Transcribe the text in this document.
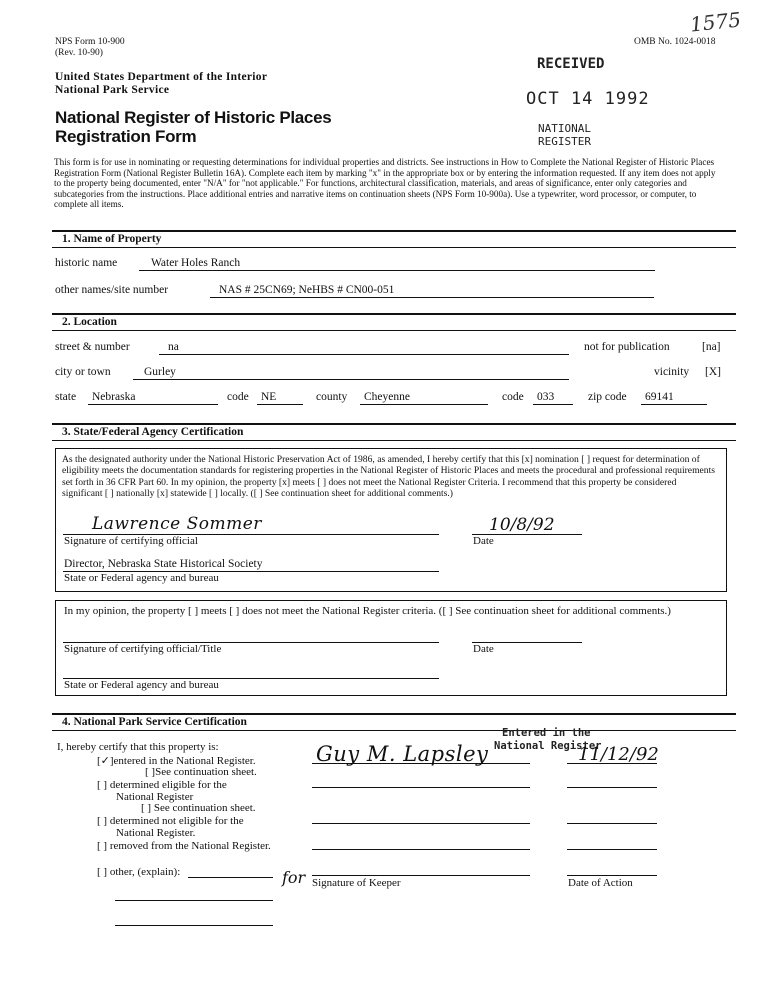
NPS Form 10-900
(Rev. 10-90)
OMB No. 1024-0018
1575
United States Department of the Interior
National Park Service
National Register of Historic Places
Registration Form
RECEIVED
OCT 14 1992
NATIONAL
REGISTER
This form is for use in nominating or requesting determinations for individual properties and districts. See instructions in How to Complete the National Register of Historic Places Registration Form (National Register Bulletin 16A). Complete each item by marking "x" in the appropriate box or by entering the information requested. If any item does not apply to the property being documented, enter "N/A" for "not applicable." For functions, architectural classification, materials, and areas of significance, enter only categories and subcategories from the instructions. Place additional entries and narrative items on continuation sheets (NPS Form 10-900a). Use a typewriter, word processor, or computer, to complete all items.
1. Name of Property
historic name	Water Holes Ranch
other names/site number	NAS # 25CN69; NeHBS # CN00-051
2. Location
street & number	na	not for publication	[na]
city or town	Gurley	vicinity [X]
state Nebraska	code NE	county Cheyenne	code 033	zip code 69141
3. State/Federal Agency Certification
As the designated authority under the National Historic Preservation Act of 1986, as amended, I hereby certify that this [x] nomination [ ] request for determination of eligibility meets the documentation standards for registering properties in the National Register of Historic Places and meets the procedural and professional requirements set forth in 36 CFR Part 60. In my opinion, the property [x] meets [ ] does not meet the National Register Criteria. I recommend that this property be considered significant [ ] nationally [x] statewide [ ] locally. ([ ] See continuation sheet for additional comments.)
Lawrence Sommer
Signature of certifying official
10/8/92
Date
Director, Nebraska State Historical Society
State or Federal agency and bureau
In my opinion, the property [ ] meets [ ] does not meet the National Register criteria. ([ ] See continuation sheet for additional comments.)
Signature of certifying official/Title	Date
State or Federal agency and bureau
4. National Park Service Certification
I, hereby certify that this property is:
[✓]entered in the National Register.
[ ]See continuation sheet.
[ ] determined eligible for the
National Register
[ ] See continuation sheet.
[ ] determined not eligible for the
National Register.
[ ] removed from the National Register.
[ ] other, (explain):
Guy M. Lapsley
Entered in the
National Register
11/12/92
for Signature of Keeper	Date of Action
